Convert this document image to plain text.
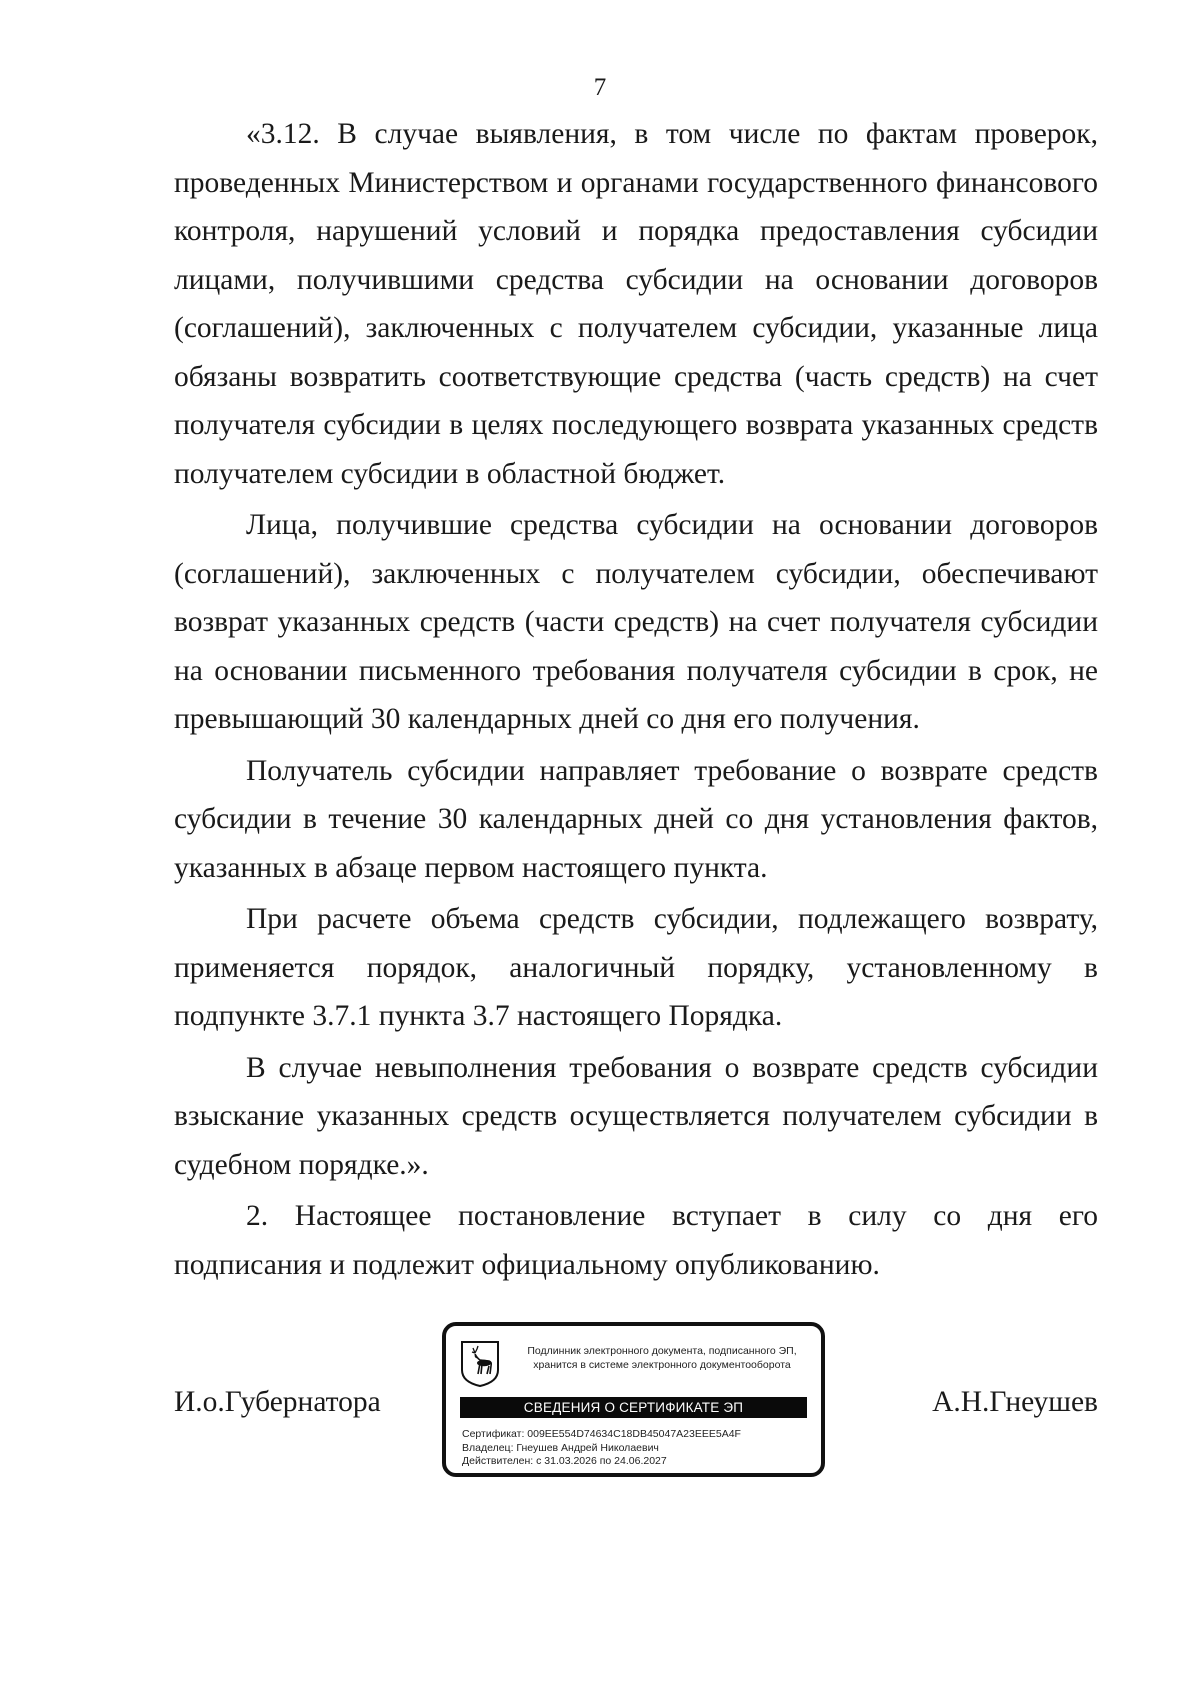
7

«3.12. В случае выявления, в том числе по фактам проверок, проведенных Министерством и органами государственного финансового контроля, нарушений условий и порядка предоставления субсидии лицами, получившими средства субсидии на основании договоров (соглашений), заключенных с получателем субсидии, указанные лица обязаны возвратить соответствующие средства (часть средств) на счет получателя субсидии в целях последующего возврата указанных средств получателем субсидии в областной бюджет.

Лица, получившие средства субсидии на основании договоров (соглашений), заключенных с получателем субсидии, обеспечивают возврат указанных средств (части средств) на счет получателя субсидии на основании письменного требования получателя субсидии в срок, не превышающий 30 календарных дней со дня его получения.

Получатель субсидии направляет требование о возврате средств субсидии в течение 30 календарных дней со дня установления фактов, указанных в абзаце первом настоящего пункта.

При расчете объема средств субсидии, подлежащего возврату, применяется порядок, аналогичный порядку, установленному в подпункте 3.7.1 пункта 3.7 настоящего Порядка.

В случае невыполнения требования о возврате средств субсидии взыскание указанных средств осуществляется получателем субсидии в судебном порядке.».

2. Настоящее постановление вступает в силу со дня его подписания и подлежит официальному опубликованию.

И.о.Губернатора	А.Н.Гнеушев
Подлинник электронного документа, подписанного ЭП,
хранится в системе электронного документооборота
СВЕДЕНИЯ О СЕРТИФИКАТЕ ЭП
Сертификат: 009EE554D74634C18DB45047A23EEE5A4F
Владелец: Гнеушев Андрей Николаевич
Действителен: с 31.03.2026 по 24.06.2027
